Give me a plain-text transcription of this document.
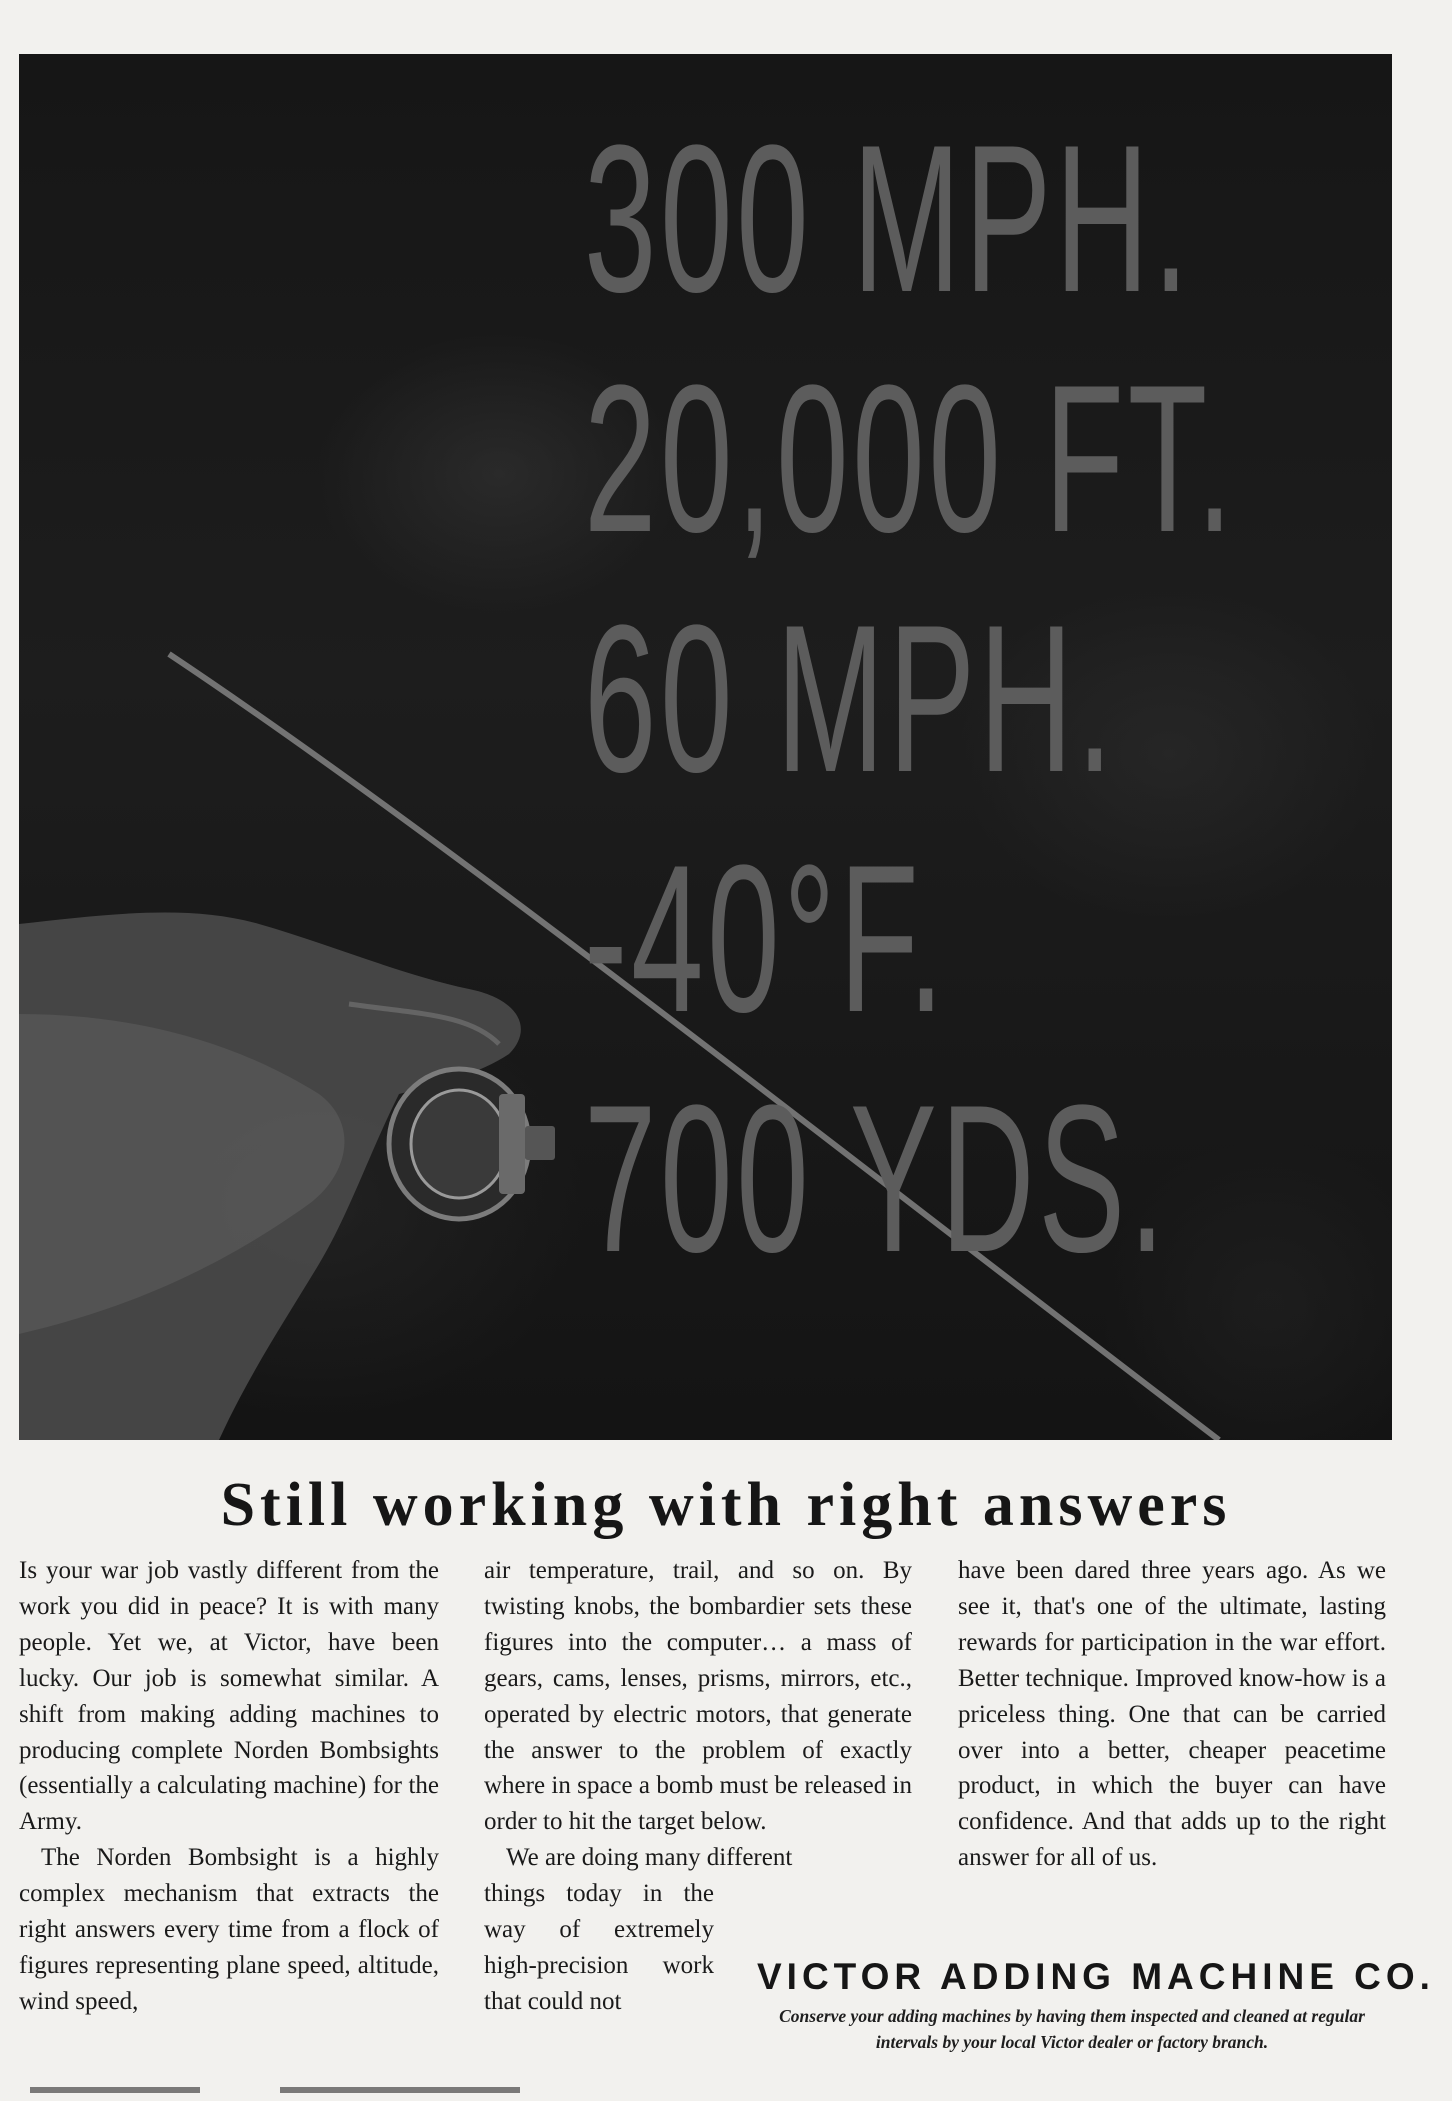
300 MPH.
20,000 FT.
60 MPH.
-40°F.
700 YDS.
Still working with right answers

Is your war job vastly different from the work you did in peace? It is with many people. Yet we, at Victor, have been lucky. Our job is somewhat similar. A shift from making adding machines to producing complete Norden Bombsights (essentially a calculating machine) for the Army.

The Norden Bombsight is a highly complex mechanism that extracts the right answers every time from a flock of figures representing plane speed, altitude, wind speed,

air temperature, trail, and so on. By twisting knobs, the bombardier sets these figures into the computer… a mass of gears, cams, lenses, prisms, mirrors, etc., operated by electric motors, that generate the answer to the problem of exactly where in space a bomb must be released in order to hit the target below.

We are doing many different

things today in the way of extremely high-precision work that could not

have been dared three years ago. As we see it, that's one of the ultimate, lasting rewards for participation in the war effort. Better technique. Improved know-how is a priceless thing. One that can be carried over into a better, cheaper peacetime product, in which the buyer can have confidence. And that adds up to the right answer for all of us.

VICTOR ADDING MACHINE CO.
Conserve your adding machines by having them inspected and cleaned at regular intervals by your local Victor dealer or factory branch.
